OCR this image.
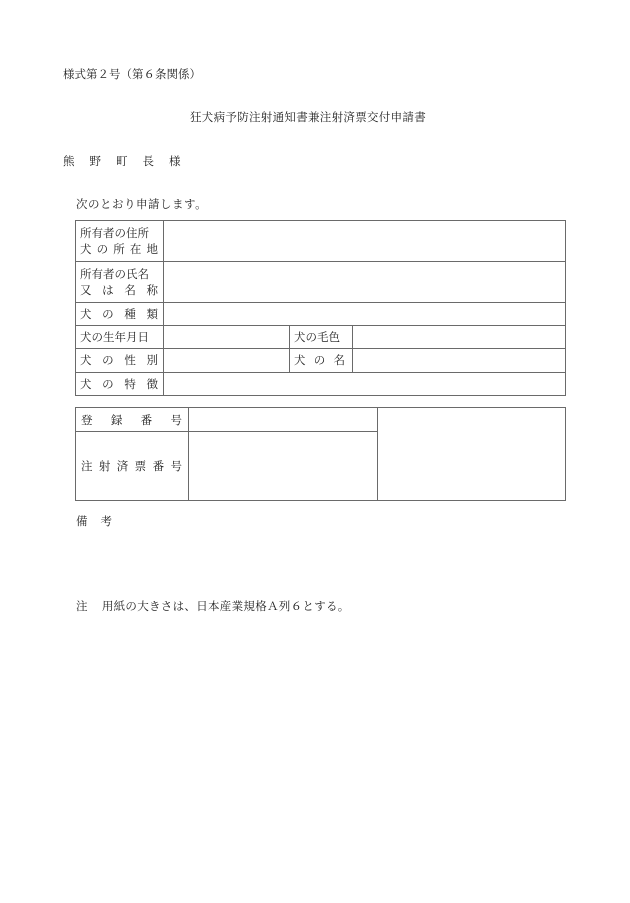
様式第２号（第６条関係）
狂犬病予防注射通知書兼注射済票交付申請書
熊 野 町 長 様
次のとおり申請します。
所有者の住所
犬 の 所 在 地
所有者の氏名
又 は 名 称
犬 の 種 類
犬の生年月日	犬の毛色
犬 の 性 別	犬 の 名
犬 の 特 徴
登 録 番 号
注 射 済 票 番 号
備 考
注 用紙の大きさは、日本産業規格Ａ列６とする。
